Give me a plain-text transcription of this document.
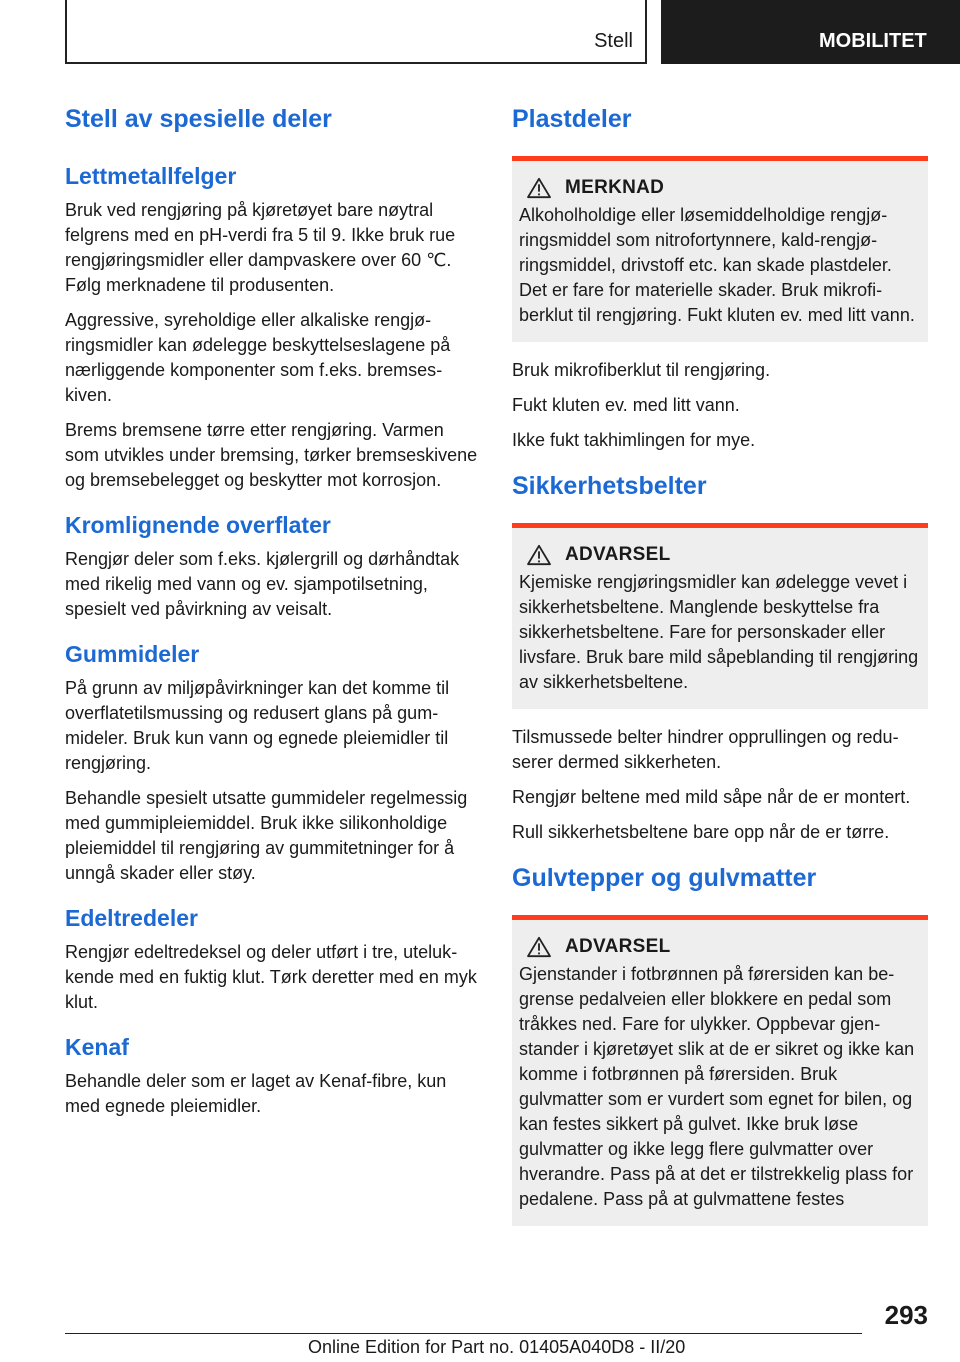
Stell	MOBILITET
Stell av spesielle deler
Lettmetallfelger

Bruk ved rengjøring på kjøretøyet bare nøytral felgrens med en pH-verdi fra 5 til 9. Ikke bruk rue rengjøringsmidler eller dampvaskere over 60 ℃. Følg merknadene til produsenten.

Aggressive, syreholdige eller alkaliske rengjøringsmidler kan ødelegge beskyttelseslagene på nærliggende komponenter som f.eks. bremseskiven.

Brems bremsene tørre etter rengjøring. Varmen som utvikles under bremsing, tørker bremseskivene og bremsebelegget og beskytter mot korrosjon.

Kromlignende overflater

Rengjør deler som f.eks. kjølergrill og dørhåndtak med rikelig med vann og ev. sjampotilsetning, spesielt ved påvirkning av veisalt.

Gummideler

På grunn av miljøpåvirkninger kan det komme til overflatetilsmussing og redusert glans på gummideler. Bruk kun vann og egnede pleiemidler til rengjøring.

Behandle spesielt utsatte gummideler regelmessig med gummipleiemiddel. Bruk ikke silikonholdige pleiemiddel til rengjøring av gummitetninger for å unngå skader eller støy.

Edeltredeler

Rengjør edeltredeksel og deler utført i tre, utelukkende med en fuktig klut. Tørk deretter med en myk klut.

Kenaf

Behandle deler som er laget av Kenaf-fibre, kun med egnede pleiemidler.

Plastdeler
MERKNAD

Alkoholholdige eller løsemiddelholdige rengjøringsmiddel som nitrofortynnere, kald-rengjøringsmiddel, drivstoff etc. kan skade plastdeler. Det er fare for materielle skader. Bruk mikrofiberklut til rengjøring. Fukt kluten ev. med litt vann.

Bruk mikrofiberklut til rengjøring.

Fukt kluten ev. med litt vann.

Ikke fukt takhimlingen for mye.

Sikkerhetsbelter
ADVARSEL

Kjemiske rengjøringsmidler kan ødelegge vevet i sikkerhetsbeltene. Manglende beskyttelse fra sikkerhetsbeltene. Fare for personskader eller livsfare. Bruk bare mild såpeblanding til rengjøring av sikkerhetsbeltene.

Tilsmussede belter hindrer opprullingen og reduserer dermed sikkerheten.

Rengjør beltene med mild såpe når de er montert.

Rull sikkerhetsbeltene bare opp når de er tørre.

Gulvtepper og gulvmatter
ADVARSEL

Gjenstander i fotbrønnen på førersiden kan begrense pedalveien eller blokkere en pedal som tråkkes ned. Fare for ulykker. Oppbevar gjenstander i kjøretøyet slik at de er sikret og ikke kan komme i fotbrønnen på førersiden. Bruk gulvmatter som er vurdert som egnet for bilen, og kan festes sikkert på gulvet. Ikke bruk løse gulvmatter og ikke legg flere gulvmatter over hverandre. Pass på at det er tilstrekkelig plass for pedalene. Pass på at gulvmattene festes

293
Online Edition for Part no. 01405A040D8 - II/20
